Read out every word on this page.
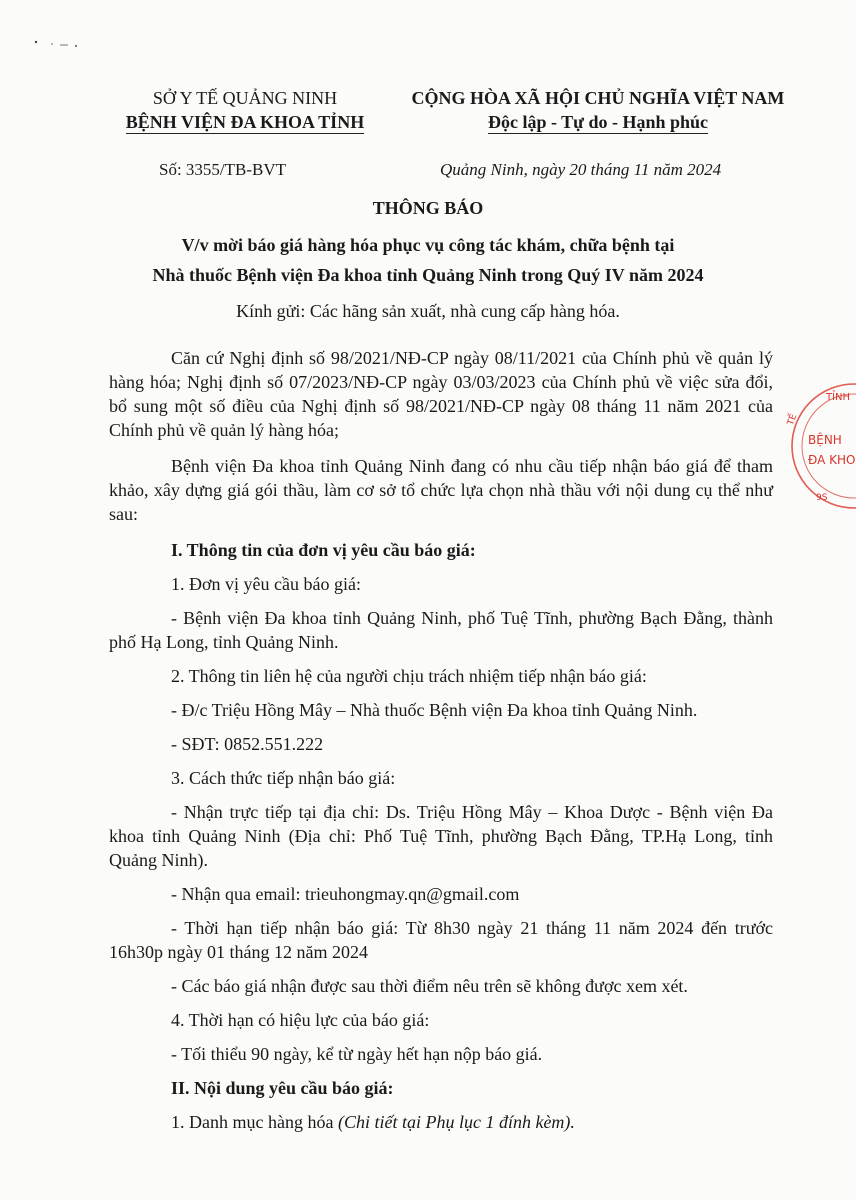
SỞ Y TẾ QUẢNG NINH
BỆNH VIỆN ĐA KHOA TỈNH
CỘNG HÒA XÃ HỘI CHỦ NGHĨA VIỆT NAM
Độc lập - Tự do - Hạnh phúc
Số: 3355/TB-BVT	Quảng Ninh, ngày 20 tháng 11 năm 2024
THÔNG BÁO
V/v mời báo giá hàng hóa phục vụ công tác khám, chữa bệnh tại
Nhà thuốc Bệnh viện Đa khoa tỉnh Quảng Ninh trong Quý IV năm 2024
Kính gửi: Các hãng sản xuất, nhà cung cấp hàng hóa.

Căn cứ Nghị định số 98/2021/NĐ-CP ngày 08/11/2021 của Chính phủ về quản lý hàng hóa; Nghị định số 07/2023/NĐ-CP ngày 03/03/2023 của Chính phủ về việc sửa đổi, bổ sung một số điều của Nghị định số 98/2021/NĐ-CP ngày 08 tháng 11 năm 2021 của Chính phủ về quản lý hàng hóa;

Bệnh viện Đa khoa tỉnh Quảng Ninh đang có nhu cầu tiếp nhận báo giá để tham khảo, xây dựng giá gói thầu, làm cơ sở tổ chức lựa chọn nhà thầu với nội dung cụ thể như sau:

I. Thông tin của đơn vị yêu cầu báo giá:

1. Đơn vị yêu cầu báo giá:

- Bệnh viện Đa khoa tỉnh Quảng Ninh, phố Tuệ Tĩnh, phường Bạch Đằng, thành phố Hạ Long, tỉnh Quảng Ninh.

2. Thông tin liên hệ của người chịu trách nhiệm tiếp nhận báo giá:

- Đ/c Triệu Hồng Mây – Nhà thuốc Bệnh viện Đa khoa tỉnh Quảng Ninh.

- SĐT: 0852.551.222

3. Cách thức tiếp nhận báo giá:

- Nhận trực tiếp tại địa chỉ: Ds. Triệu Hồng Mây – Khoa Dược - Bệnh viện Đa khoa tỉnh Quảng Ninh (Địa chỉ: Phố Tuệ Tĩnh, phường Bạch Đằng, TP.Hạ Long, tỉnh Quảng Ninh).

- Nhận qua email: trieuhongmay.qn@gmail.com

- Thời hạn tiếp nhận báo giá: Từ 8h30 ngày 21 tháng 11 năm 2024 đến trước 16h30p ngày 01 tháng 12 năm 2024

- Các báo giá nhận được sau thời điểm nêu trên sẽ không được xem xét.

4. Thời hạn có hiệu lực của báo giá:

- Tối thiểu 90 ngày, kể từ ngày hết hạn nộp báo giá.

II. Nội dung yêu cầu báo giá:

1. Danh mục hàng hóa (Chi tiết tại Phụ lục 1 đính kèm).

TỈNH
BỆNH
ĐA KHO
9S
TẾ
